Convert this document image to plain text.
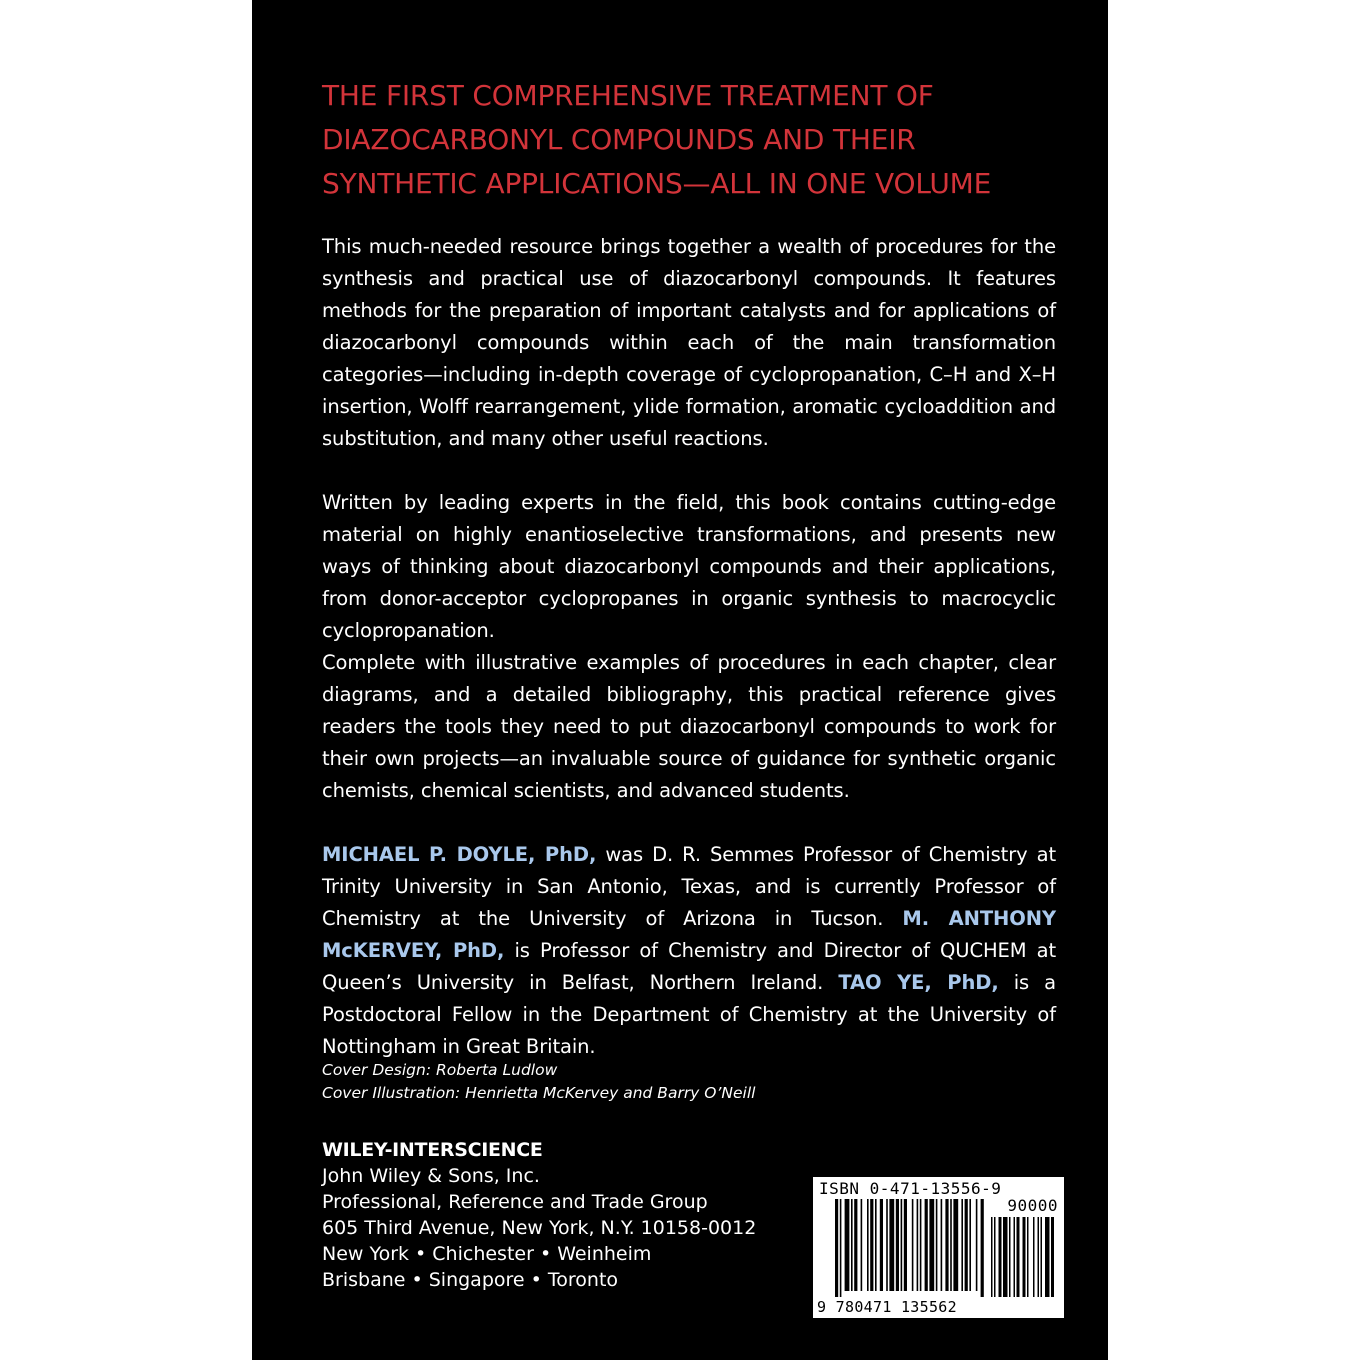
THE FIRST COMPREHENSIVE TREATMENT OF
DIAZOCARBONYL COMPOUNDS AND THEIR
SYNTHETIC APPLICATIONS—ALL IN ONE VOLUME

This much-needed resource brings together a wealth of procedures for the synthesis and practical use of diazocarbonyl compounds. It features methods for the preparation of important catalysts and for applications of diazocarbonyl compounds within each of the main transformation categories—including in-depth coverage of cyclopropanation, C–H and X–H insertion, Wolff rearrangement, ylide formation, aromatic cycloaddition and substitution, and many other useful reactions.

Written by leading experts in the field, this book contains cutting-edge material on highly enantioselective transformations, and presents new ways of thinking about diazocarbonyl compounds and their applications, from donor-acceptor cyclopropanes in organic synthesis to macrocyclic cyclopropanation.

Complete with illustrative examples of procedures in each chapter, clear diagrams, and a detailed bibliography, this practical reference gives readers the tools they need to put diazocarbonyl compounds to work for their own projects—an invaluable source of guidance for synthetic organic chemists, chemical scientists, and advanced students.

MICHAEL P. DOYLE, PhD, was D. R. Semmes Professor of Chemistry at Trinity University in San Antonio, Texas, and is currently Professor of Chemistry at the University of Arizona in Tucson. M. ANTHONY McKERVEY, PhD, is Professor of Chemistry and Director of QUCHEM at Queen’s University in Belfast, Northern Ireland. TAO YE, PhD, is a Postdoctoral Fellow in the Department of Chemistry at the University of Nottingham in Great Britain.

Cover Design: Roberta Ludlow
Cover Illustration: Henrietta McKervey and Barry O’Neill
WILEY-INTERSCIENCE
John Wiley & Sons, Inc.
Professional, Reference and Trade Group
605 Third Avenue, New York, N.Y. 10158-0012
New York • Chichester • Weinheim
Brisbane • Singapore • Toronto
ISBN 0-471-13556-9
90000
9 780471 135562
